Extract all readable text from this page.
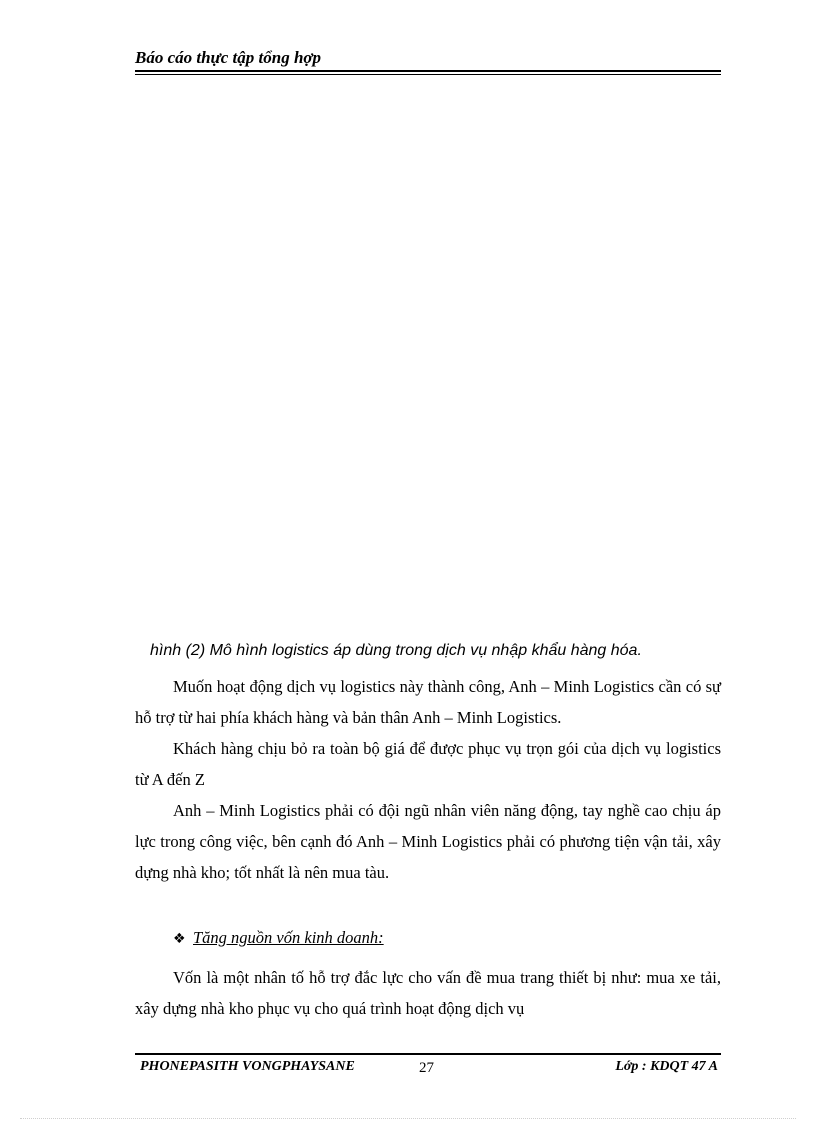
Báo cáo thực tập tổng hợp
hình (2) Mô hình logistics áp dùng trong dịch vụ nhập khẩu hàng hóa.

Muốn hoạt động dịch vụ logistics này thành công, Anh – Minh Logistics cần có sự hỗ trợ từ hai phía khách hàng và bản thân Anh – Minh Logistics.

Khách hàng chịu bỏ ra toàn bộ giá để được phục vụ trọn gói của dịch vụ logistics từ A đến Z

Anh – Minh Logistics phải có đội ngũ nhân viên năng động, tay nghề cao chịu áp lực trong công việc, bên cạnh đó Anh – Minh Logistics phải có phương tiện vận tải, xây dựng nhà kho; tốt nhất là nên mua tàu.

❖ Tăng nguồn vốn kinh doanh:

Vốn là một nhân tố hỗ trợ đắc lực cho vấn đề mua trang thiết bị như: mua xe tải, xây dựng nhà kho phục vụ cho quá trình hoạt động dịch vụ

PHONEPASITH VONGPHAYSANE	27	Lớp : KDQT 47 A
